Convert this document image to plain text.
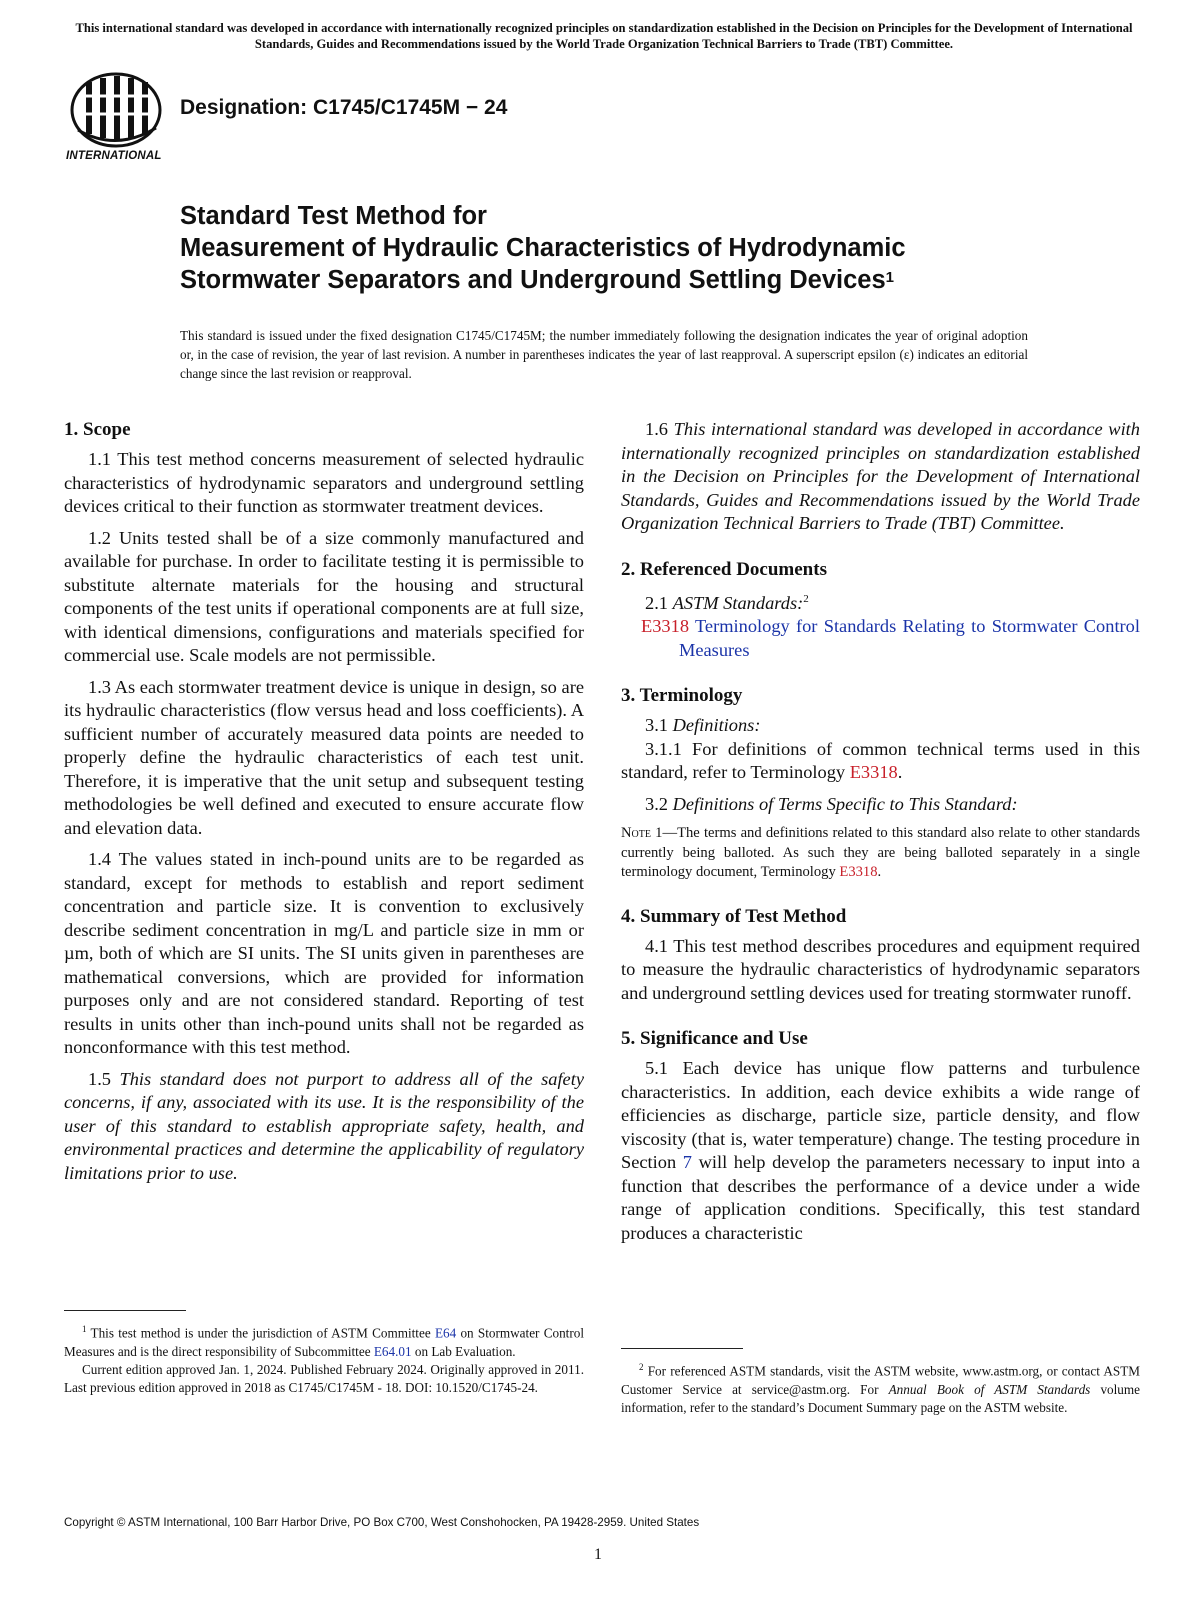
This international standard was developed in accordance with internationally recognized principles on standardization established in the Decision on Principles for the Development of International Standards, Guides and Recommendations issued by the World Trade Organization Technical Barriers to Trade (TBT) Committee.
INTERNATIONAL
Designation: C1745/C1745M − 24
Standard Test Method for
Measurement of Hydraulic Characteristics of Hydrodynamic
Stormwater Separators and Underground Settling Devices$^1$
This standard is issued under the fixed designation C1745/C1745M; the number immediately following the designation indicates the year of original adoption or, in the case of revision, the year of last revision. A number in parentheses indicates the year of last reapproval. A superscript epsilon (ε) indicates an editorial change since the last revision or reapproval.
1. Scope

1.1 This test method concerns measurement of selected hydraulic characteristics of hydrodynamic separators and underground settling devices critical to their function as stormwater treatment devices.

1.2 Units tested shall be of a size commonly manufactured and available for purchase. In order to facilitate testing it is permissible to substitute alternate materials for the housing and structural components of the test units if operational components are at full size, with identical dimensions, configurations and materials specified for commercial use. Scale models are not permissible.

1.3 As each stormwater treatment device is unique in design, so are its hydraulic characteristics (flow versus head and loss coefficients). A sufficient number of accurately measured data points are needed to properly define the hydraulic characteristics of each test unit. Therefore, it is imperative that the unit setup and subsequent testing methodologies be well defined and executed to ensure accurate flow and elevation data.

1.4 The values stated in inch-pound units are to be regarded as standard, except for methods to establish and report sediment concentration and particle size. It is convention to exclusively describe sediment concentration in mg/L and particle size in mm or µm, both of which are SI units. The SI units given in parentheses are mathematical conversions, which are provided for information purposes only and are not considered standard. Reporting of test results in units other than inch-pound units shall not be regarded as nonconformance with this test method.

1.5 This standard does not purport to address all of the safety concerns, if any, associated with its use. It is the responsibility of the user of this standard to establish appropriate safety, health, and environmental practices and determine the applicability of regulatory limitations prior to use.

1.6 This international standard was developed in accordance with internationally recognized principles on standardization established in the Decision on Principles for the Development of International Standards, Guides and Recommendations issued by the World Trade Organization Technical Barriers to Trade (TBT) Committee.

2. Referenced Documents

2.1 ASTM Standards:$^2$

E3318 Terminology for Standards Relating to Stormwater Control Measures
3. Terminology

3.1 Definitions:

3.1.1 For definitions of common technical terms used in this standard, refer to Terminology E3318.

3.2 Definitions of Terms Specific to This Standard:

Note 1—The terms and definitions related to this standard also relate to other standards currently being balloted. As such they are being balloted separately in a single terminology document, Terminology E3318.

4. Summary of Test Method

4.1 This test method describes procedures and equipment required to measure the hydraulic characteristics of hydrodynamic separators and underground settling devices used for treating stormwater runoff.

5. Significance and Use

5.1 Each device has unique flow patterns and turbulence characteristics. In addition, each device exhibits a wide range of efficiencies as discharge, particle size, particle density, and flow viscosity (that is, water temperature) change. The testing procedure in Section 7 will help develop the parameters necessary to input into a function that describes the performance of a device under a wide range of application conditions. Specifically, this test standard produces a characteristic

$^1$ This test method is under the jurisdiction of ASTM Committee E64 on Stormwater Control Measures and is the direct responsibility of Subcommittee E64.01 on Lab Evaluation.

Current edition approved Jan. 1, 2024. Published February 2024. Originally approved in 2011. Last previous edition approved in 2018 as C1745/C1745M - 18. DOI: 10.1520/C1745-24.

$^2$ For referenced ASTM standards, visit the ASTM website, www.astm.org, or contact ASTM Customer Service at service@astm.org. For Annual Book of ASTM Standards volume information, refer to the standard’s Document Summary page on the ASTM website.

Copyright © ASTM International, 100 Barr Harbor Drive, PO Box C700, West Conshohocken, PA 19428-2959. United States
1
